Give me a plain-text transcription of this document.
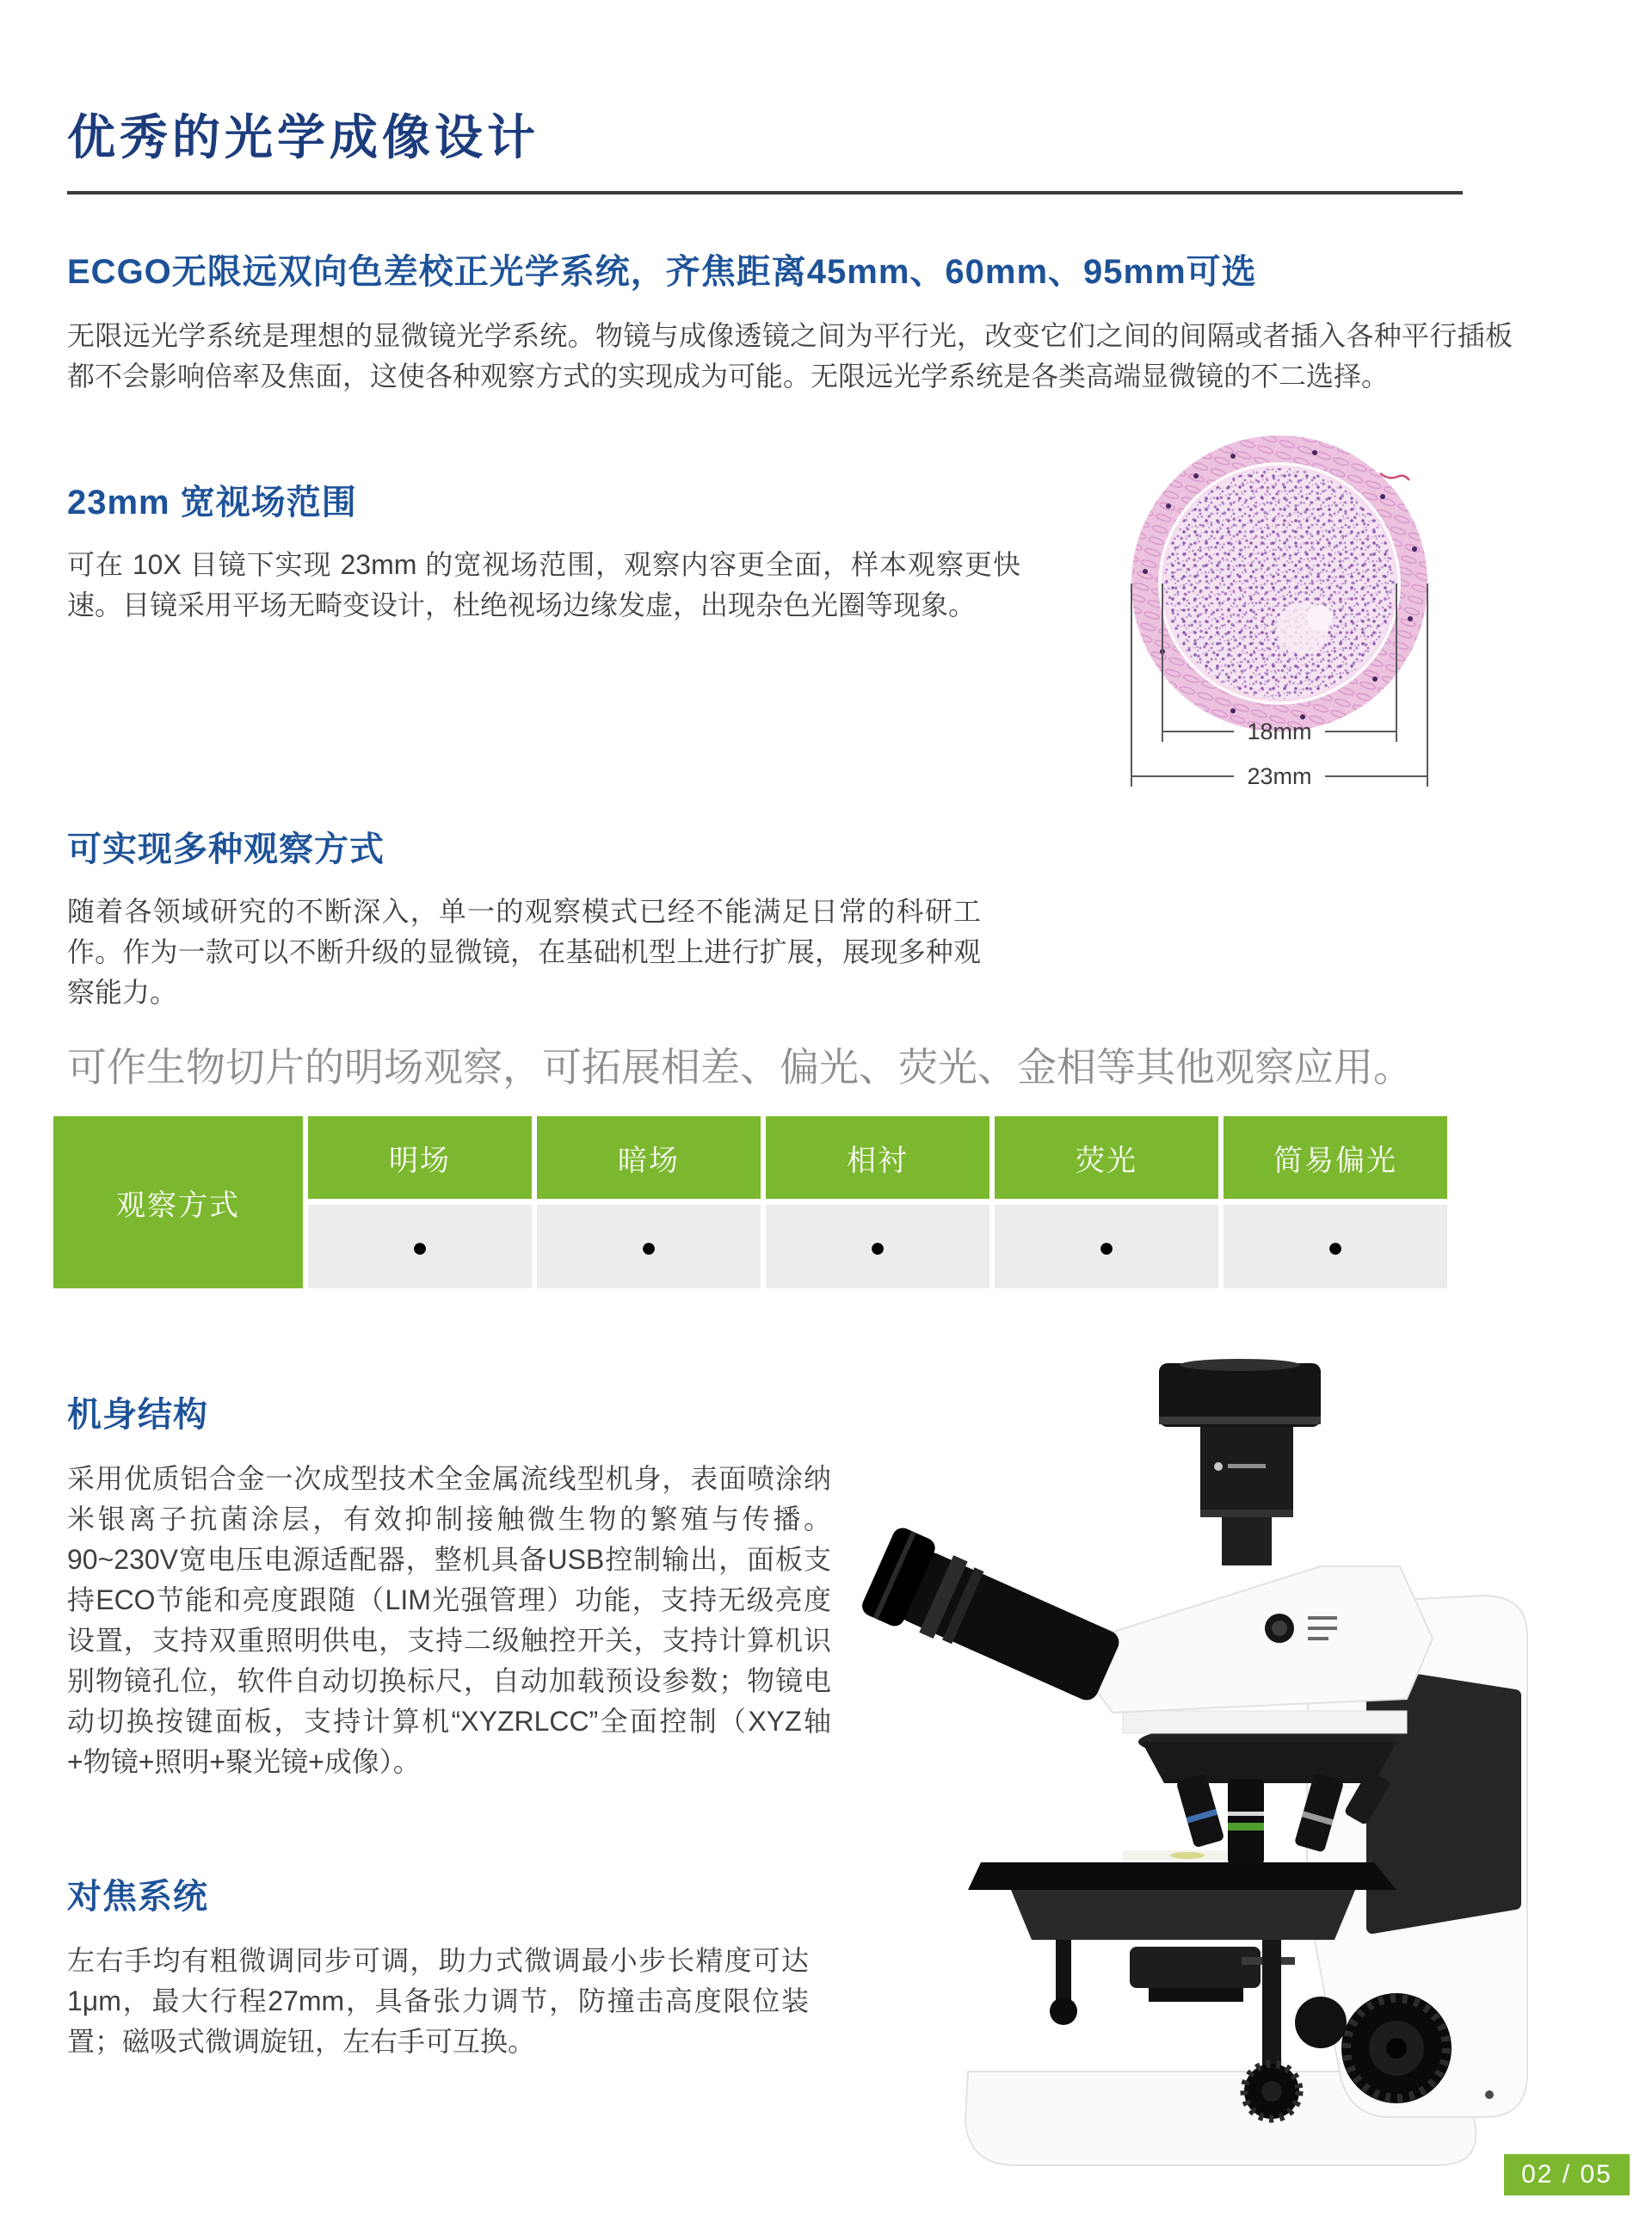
优秀的光学成像设计
ECGO无限远双向色差校正光学系统，齐焦距离45mm、60mm、95mm可选

无限远光学系统是理想的显微镜光学系统。物镜与成像透镜之间为平行光，改变它们之间的间隔或者插入各种平行插板都不会影响倍率及焦面，这使各种观察方式的实现成为可能。无限远光学系统是各类高端显微镜的不二选择。

23mm 宽视场范围

可在 10X 目镜下实现 23mm 的宽视场范围，观察内容更全面，样本观察更快速。目镜采用平场无畸变设计，杜绝视场边缘发虚，出现杂色光圈等现象。

18mm
23mm
可实现多种观察方式

随着各领域研究的不断深入，单一的观察模式已经不能满足日常的科研工作。作为一款可以不断升级的显微镜，在基础机型上进行扩展，展现多种观察能力。

可作生物切片的明场观察，可拓展相差、偏光、荧光、金相等其他观察应用。

观察方式
明场
●
暗场
●
相衬
●
荧光
●
简易偏光
●
机身结构

采用优质铝合金一次成型技术全金属流线型机身，表面喷涂纳米银离子抗菌涂层，有效抑制接触微生物的繁殖与传播。90~230V宽电压电源适配器，整机具备USB控制输出，面板支持ECO节能和亮度跟随（LIM光强管理）功能，支持无级亮度设置，支持双重照明供电，支持二级触控开关，支持计算机识别物镜孔位，软件自动切换标尺，自动加载预设参数；物镜电动切换按键面板，支持计算机“XYZRLCC”全面控制（XYZ轴+物镜+照明+聚光镜+成像）。

对焦系统

左右手均有粗微调同步可调，助力式微调最小步长精度可达1μm，最大行程27mm，具备张力调节，防撞击高度限位装置；磁吸式微调旋钮，左右手可互换。

02 / 05
